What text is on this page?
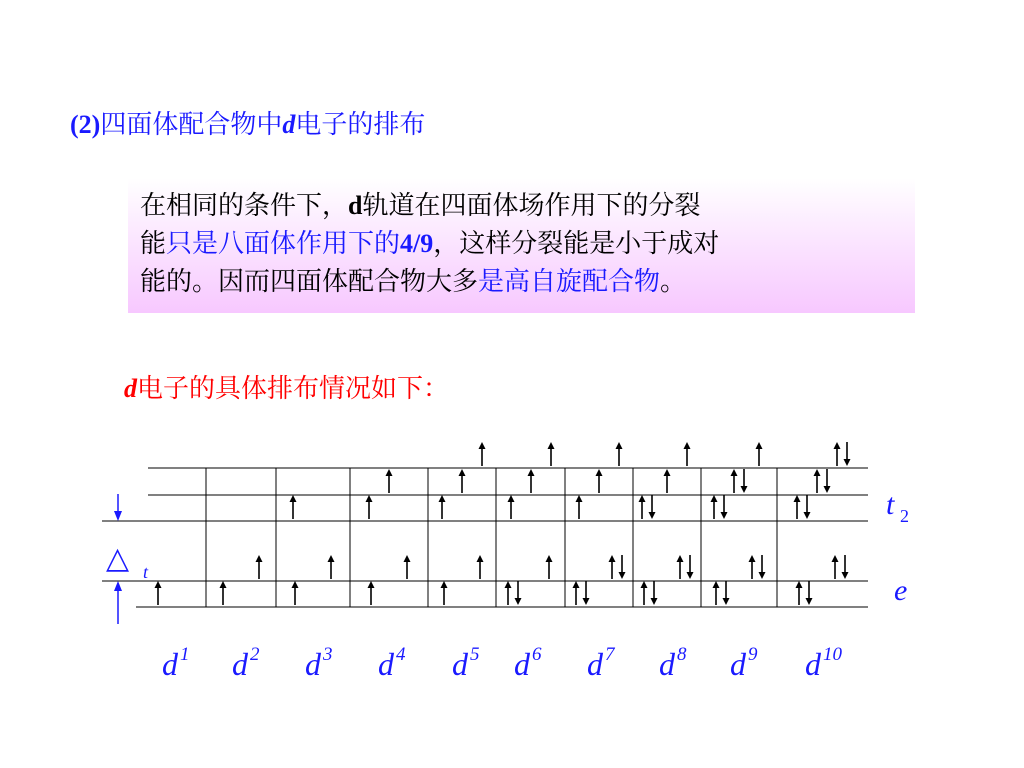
(2)四面体配合物中d电子的排布

在相同的条件下，d轨道在四面体场作用下的分裂

能只是八面体作用下的4/9，这样分裂能是小于成对

能的。因而四面体配合物大多是高自旋配合物。

d电子的具体排布情况如下：
△ t
t 2
e
d 1 d 2 d 3 d 4 d 5 d 6 d 7 d 8 d 9 d 10
